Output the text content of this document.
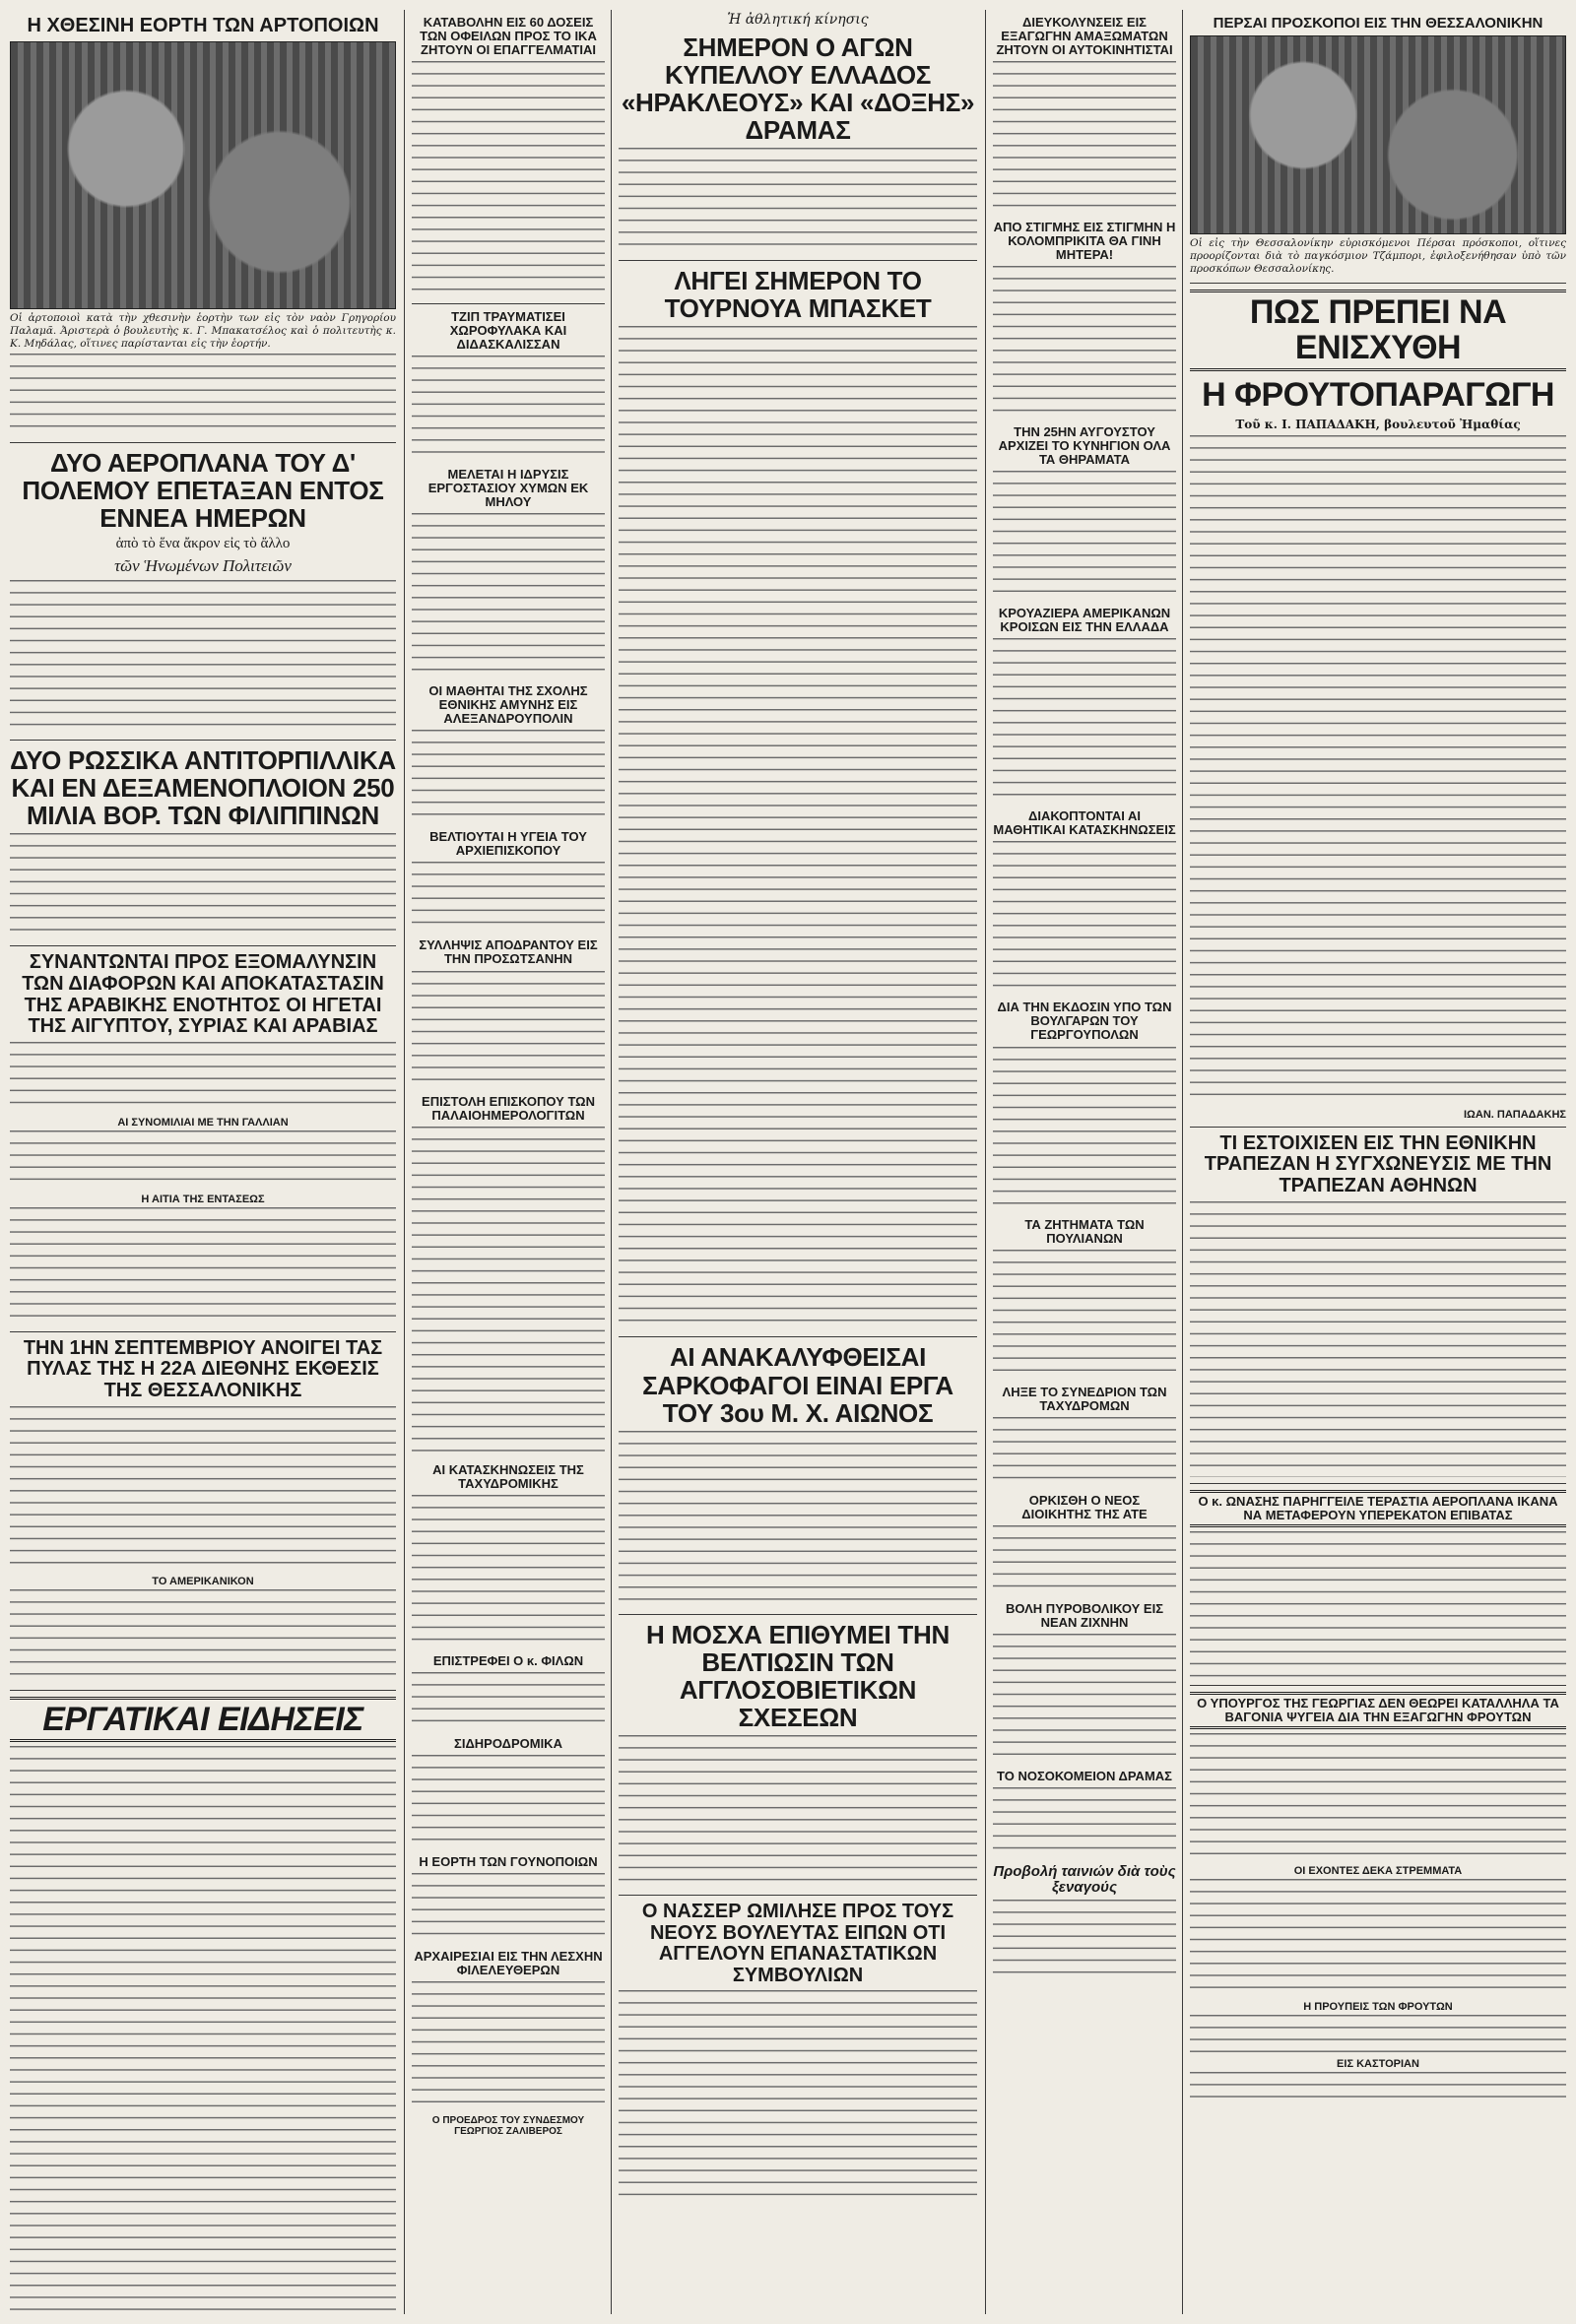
Η ΧΘΕΣΙΝΗ ΕΟΡΤΗ ΤΩΝ ΑΡΤΟΠΟΙΩΝ
Οἱ ἀρτοποιοὶ κατὰ τὴν χθεσινὴν ἑορτὴν των εἰς τὸν ναὸν Γρηγορίου Παλαμᾶ. Ἀριστερὰ ὁ βουλευτὴς κ. Γ. Μπακατσέλος καὶ ὁ πολιτευτὴς κ. Κ. Μηδάλας, οἵτινες παρίστανται εἰς τὴν ἑορτήν.
ΔΥΟ ΑΕΡΟΠΛΑΝΑ ΤΟΥ Δ' ΠΟΛΕΜΟΥ ΕΠΕΤΑΞΑΝ ΕΝΤΟΣ ΕΝΝΕΑ ΗΜΕΡΩΝ
ἀπὸ τὸ ἕνα ἄκρον εἰς τὸ ἄλλο
τῶν Ἡνωμένων Πολιτειῶν
ΔΥΟ ΡΩΣΣΙΚΑ ΑΝΤΙΤΟΡΠΙΛΛΙΚΑ ΚΑΙ ΕΝ ΔΕΞΑΜΕΝΟΠΛΟΙΟΝ 250 ΜΙΛΙΑ ΒΟΡ. ΤΩΝ ΦΙΛΙΠΠΙΝΩΝ
ΣΥΝΑΝΤΩΝΤΑΙ ΠΡΟΣ ΕΞΟΜΑΛΥΝΣΙΝ ΤΩΝ ΔΙΑΦΟΡΩΝ ΚΑΙ ΑΠΟΚΑΤΑΣΤΑΣΙΝ ΤΗΣ ΑΡΑΒΙΚΗΣ ΕΝΟΤΗΤΟΣ ΟΙ ΗΓΕΤΑΙ ΤΗΣ ΑΙΓΥΠΤΟΥ, ΣΥΡΙΑΣ ΚΑΙ ΑΡΑΒΙΑΣ
ΑΙ ΣΥΝΟΜΙΛΙΑΙ ΜΕ ΤΗΝ ΓΑΛΛΙΑΝ
Η ΑΙΤΙΑ ΤΗΣ ΕΝΤΑΣΕΩΣ
ΤΗΝ 1ΗΝ ΣΕΠΤΕΜΒΡΙΟΥ ΑΝΟΙΓΕΙ ΤΑΣ ΠΥΛΑΣ ΤΗΣ Η 22Α ΔΙΕΘΝΗΣ ΕΚΘΕΣΙΣ ΤΗΣ ΘΕΣΣΑΛΟΝΙΚΗΣ
ΤΟ ΑΜΕΡΙΚΑΝΙΚΟΝ
ΕΡΓΑΤΙΚΑΙ ΕΙΔΗΣΕΙΣ
ΚΑΤΑΒΟΛΗΝ ΕΙΣ 60 ΔΟΣΕΙΣ ΤΩΝ ΟΦΕΙΛΩΝ ΠΡΟΣ ΤΟ ΙΚΑ ΖΗΤΟΥΝ ΟΙ ΕΠΑΓΓΕΛΜΑΤΙΑΙ
ΤΖΙΠ ΤΡΑΥΜΑΤΙΣΕΙ ΧΩΡΟΦΥΛΑΚΑ ΚΑΙ ΔΙΔΑΣΚΑΛΙΣΣΑΝ
ΜΕΛΕΤΑΙ Η ΙΔΡΥΣΙΣ ΕΡΓΟΣΤΑΣΙΟΥ ΧΥΜΩΝ ΕΚ ΜΗΛΟΥ
ΟΙ ΜΑΘΗΤΑΙ ΤΗΣ ΣΧΟΛΗΣ ΕΘΝΙΚΗΣ ΑΜΥΝΗΣ ΕΙΣ ΑΛΕΞΑΝΔΡΟΥΠΟΛΙΝ
ΒΕΛΤΙΟΥΤΑΙ Η ΥΓΕΙΑ ΤΟΥ ΑΡΧΙΕΠΙΣΚΟΠΟΥ
ΣΥΛΛΗΨΙΣ ΑΠΟΔΡΑΝΤΟΥ ΕΙΣ ΤΗΝ ΠΡΟΣΩΤΣΑΝΗΝ
ΕΠΙΣΤΟΛΗ ΕΠΙΣΚΟΠΟΥ ΤΩΝ ΠΑΛΑΙΟΗΜΕΡΟΛΟΓΙΤΩΝ
ΑΙ ΚΑΤΑΣΚΗΝΩΣΕΙΣ ΤΗΣ ΤΑΧΥΔΡΟΜΙΚΗΣ
ΕΠΙΣΤΡΕΦΕΙ Ο κ. ΦΙΛΩΝ
ΣΙΔΗΡΟΔΡΟΜΙΚΑ
Η ΕΟΡΤΗ ΤΩΝ ΓΟΥΝΟΠΟΙΩΝ
ΑΡΧΑΙΡΕΣΙΑΙ ΕΙΣ ΤΗΝ ΛΕΣΧΗΝ ΦΙΛΕΛΕΥΘΕΡΩΝ
Ο ΠΡΟΕΔΡΟΣ ΤΟΥ ΣΥΝΔΕΣΜΟΥ ΓΕΩΡΓΙΟΣ ΖΑΛΙΒΕΡΟΣ
Ἡ ἀθλητική κίνησις
ΣΗΜΕΡΟΝ Ο ΑΓΩΝ ΚΥΠΕΛΛΟΥ ΕΛΛΑΔΟΣ «ΗΡΑΚΛΕΟΥΣ» ΚΑΙ «ΔΟΞΗΣ» ΔΡΑΜΑΣ
ΛΗΓΕΙ ΣΗΜΕΡΟΝ ΤΟ ΤΟΥΡΝΟΥΑ ΜΠΑΣΚΕΤ
ΑΙ ΑΝΑΚΑΛΥΦΘΕΙΣΑΙ ΣΑΡΚΟΦΑΓΟΙ ΕΙΝΑΙ ΕΡΓΑ ΤΟΥ 3ου Μ. Χ. ΑΙΩΝΟΣ
Η ΜΟΣΧΑ ΕΠΙΘΥΜΕΙ ΤΗΝ ΒΕΛΤΙΩΣΙΝ ΤΩΝ ΑΓΓΛΟΣΟΒΙΕΤΙΚΩΝ ΣΧΕΣΕΩΝ
Ο ΝΑΣΣΕΡ ΩΜΙΛΗΣΕ ΠΡΟΣ ΤΟΥΣ ΝΕΟΥΣ ΒΟΥΛΕΥΤΑΣ ΕΙΠΩΝ ΟΤΙ ΑΓΓΕΛΟΥΝ ΕΠΑΝΑΣΤΑΤΙΚΩΝ ΣΥΜΒΟΥΛΙΩΝ
ΔΙΕΥΚΟΛΥΝΣΕΙΣ ΕΙΣ ΕΞΑΓΩΓΗΝ ΑΜΑΞΩΜΑΤΩΝ ΖΗΤΟΥΝ ΟΙ ΑΥΤΟΚΙΝΗΤΙΣΤΑΙ
ΑΠΟ ΣΤΙΓΜΗΣ ΕΙΣ ΣΤΙΓΜΗΝ Η ΚΟΛΟΜΠΡΙΚΙΤΑ ΘΑ ΓΙΝΗ ΜΗΤΕΡΑ!
ΤΗΝ 25ΗΝ ΑΥΓΟΥΣΤΟΥ ΑΡΧΙΖΕΙ ΤΟ ΚΥΝΗΓΙΟΝ ΟΛΑ ΤΑ ΘΗΡΑΜΑΤΑ
ΚΡΟΥΑΖΙΕΡΑ ΑΜΕΡΙΚΑΝΩΝ ΚΡΟΙΣΩΝ ΕΙΣ ΤΗΝ ΕΛΛΑΔΑ
ΔΙΑΚΟΠΤΟΝΤΑΙ ΑΙ ΜΑΘΗΤΙΚΑΙ ΚΑΤΑΣΚΗΝΩΣΕΙΣ
ΔΙΑ ΤΗΝ ΕΚΔΟΣΙΝ ΥΠΟ ΤΩΝ ΒΟΥΛΓΑΡΩΝ ΤΟΥ ΓΕΩΡΓΟΥΠΟΛΩΝ
ΤΑ ΖΗΤΗΜΑΤΑ ΤΩΝ ΠΟΥΛΙΑΝΩΝ
ΛΗΞΕ ΤΟ ΣΥΝΕΔΡΙΟΝ ΤΩΝ ΤΑΧΥΔΡΟΜΩΝ
ΟΡΚΙΣΘΗ Ο ΝΕΟΣ ΔΙΟΙΚΗΤΗΣ ΤΗΣ ΑΤΕ
ΒΟΛΗ ΠΥΡΟΒΟΛΙΚΟΥ ΕΙΣ ΝΕΑΝ ΖΙΧΝΗΝ
ΤΟ ΝΟΣΟΚΟΜΕΙΟΝ ΔΡΑΜΑΣ
Προβολή ταινιών διὰ τοὺς ξεναγούς
ΠΕΡΣΑΙ ΠΡΟΣΚΟΠΟΙ ΕΙΣ ΤΗΝ ΘΕΣΣΑΛΟΝΙΚΗΝ
Οἱ εἰς τὴν Θεσσαλονίκην εὑρισκόμενοι Πέρσαι πρόσκοποι, οἵτινες προορίζονται διὰ τὸ παγκόσμιον Τζάμπορι, ἐφιλοξενήθησαν ὑπὸ τῶν προσκόπων Θεσσαλονίκης.
ΠΩΣ ΠΡΕΠΕΙ ΝΑ ΕΝΙΣΧΥΘΗ
Η ΦΡΟΥΤΟΠΑΡΑΓΩΓΗ
Τοῦ κ. Ι. ΠΑΠΑΔΑΚΗ, βουλευτοῦ Ἠμαθίας
ΙΩΑΝ. ΠΑΠΑΔΑΚΗΣ
ΤΙ ΕΣΤΟΙΧΙΣΕΝ ΕΙΣ ΤΗΝ ΕΘΝΙΚΗΝ ΤΡΑΠΕΖΑΝ Η ΣΥΓΧΩΝΕΥΣΙΣ ΜΕ ΤΗΝ ΤΡΑΠΕΖΑΝ ΑΘΗΝΩΝ
Ο κ. ΩΝΑΣΗΣ ΠΑΡΗΓΓΕΙΛΕ ΤΕΡΑΣΤΙΑ ΑΕΡΟΠΛΑΝΑ ΙΚΑΝΑ ΝΑ ΜΕΤΑΦΕΡΟΥΝ ΥΠΕΡΕΚΑΤΟΝ ΕΠΙΒΑΤΑΣ
Ο ΥΠΟΥΡΓΟΣ ΤΗΣ ΓΕΩΡΓΙΑΣ ΔΕΝ ΘΕΩΡΕΙ ΚΑΤΑΛΛΗΛΑ ΤΑ ΒΑΓΟΝΙΑ ΨΥΓΕΙΑ ΔΙΑ ΤΗΝ ΕΞΑΓΩΓΗΝ ΦΡΟΥΤΩΝ
ΟΙ ΕΧΟΝΤΕΣ ΔΕΚΑ ΣΤΡΕΜΜΑΤΑ
Η ΠΡΟΥΠΕΙΣ ΤΩΝ ΦΡΟΥΤΩΝ
ΕΙΣ ΚΑΣΤΟΡΙΑΝ
